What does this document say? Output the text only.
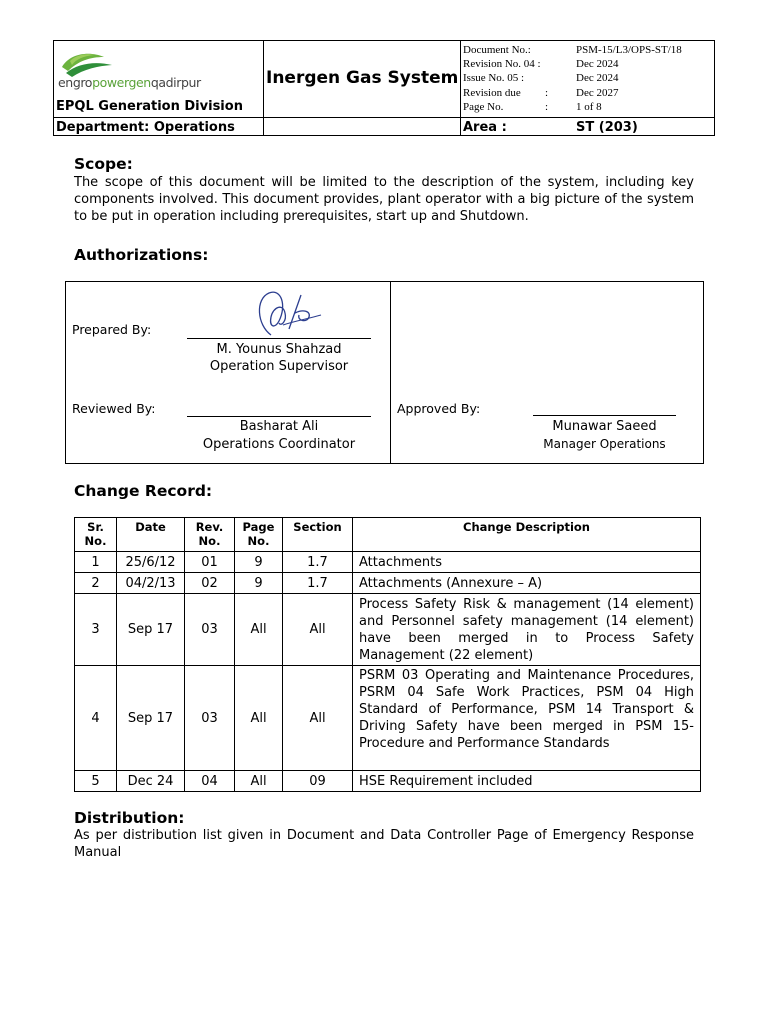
engropowergenqadirpur
EPQL Generation Division
Inergen Gas System
Document No.:	PSM-15/L3/OPS-ST/18
Revision No. 04 :	Dec 2024
Issue No. 05 :	Dec 2024
Revision due :	Dec 2027
Page No.	:	1 of 8
Department: Operations	Area :	ST (203)
Scope:
The scope of this document will be limited to the description of the system, including key components involved. This document provides, plant operator with a big picture of the system to be put in operation including prerequisites, start up and Shutdown.
Authorizations:
Prepared By:
M. Younus Shahzad
Operation Supervisor
Reviewed By:
Basharat Ali
Operations Coordinator
Approved By:
Munawar Saeed
Manager Operations
Change Record:
Sr. No.	Date	Rev. No.	Page No.	Section	Change Description
1	25/6/12	01	9	1.7	Attachments
2	04/2/13	02	9	1.7	Attachments (Annexure – A)
3	Sep 17	03	All	All	Process Safety Risk & management (14 element) and Personnel safety management (14 element) have been merged in to Process Safety Management (22 element)
4	Sep 17	03	All	All	PSRM 03 Operating and Maintenance Procedures, PSRM 04 Safe Work Practices, PSM 04 High Standard of Performance, PSM 14 Transport & Driving Safety have been merged in PSM 15-Procedure and Performance Standards
5	Dec 24	04	All	09	HSE Requirement included
Distribution:
As per distribution list given in Document and Data Controller Page of Emergency Response Manual
